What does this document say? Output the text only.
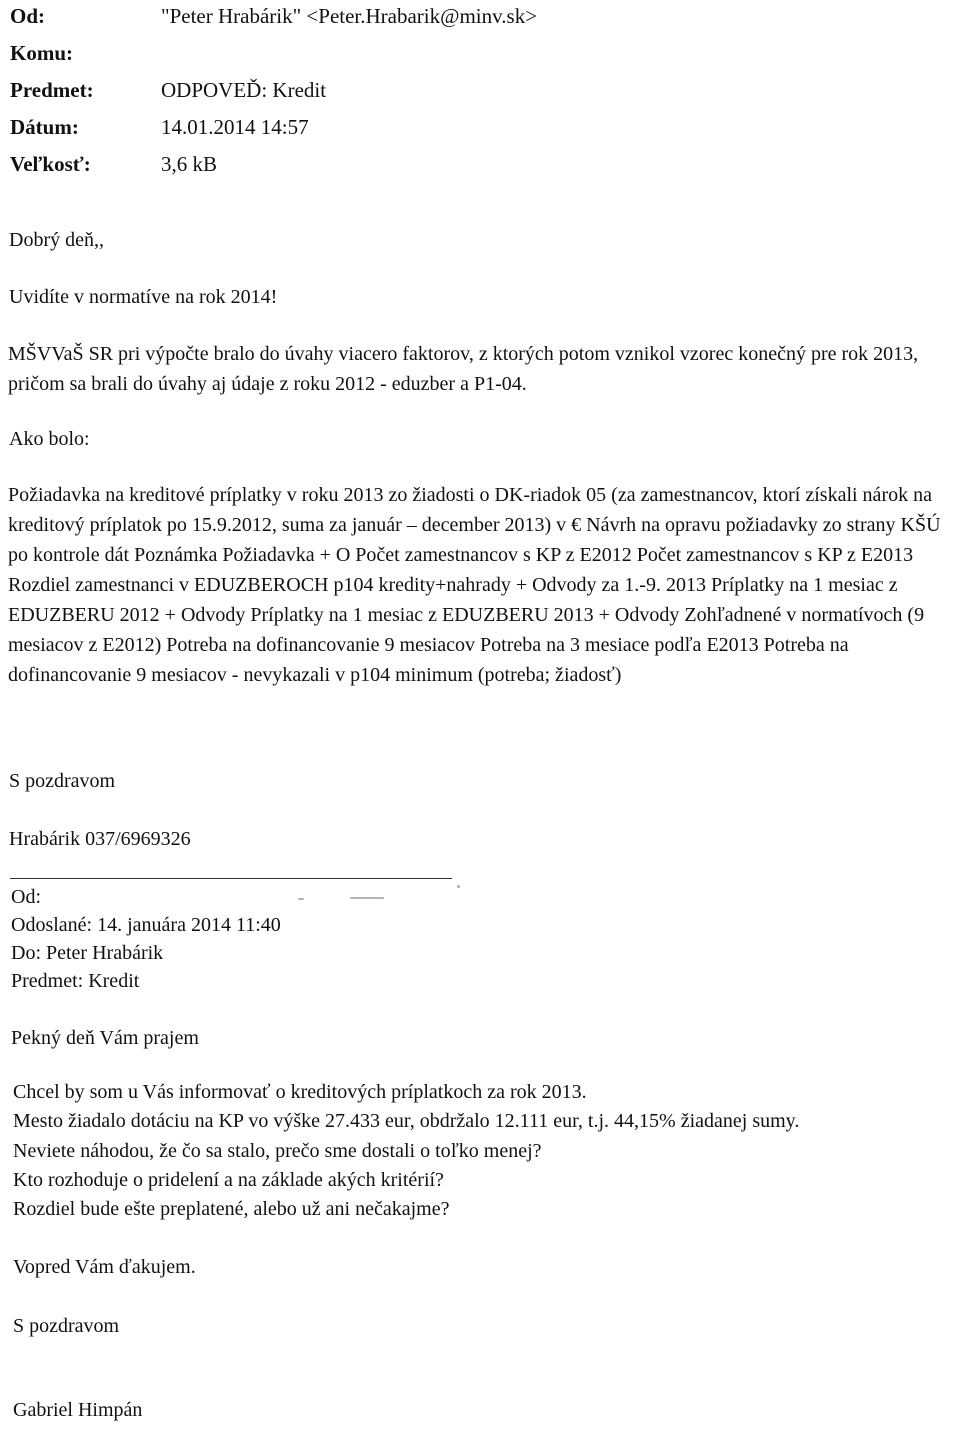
Od:	"Peter Hrabárik" <Peter.Hrabarik@minv.sk>
Komu:
Predmet:	ODPOVEĎ: Kredit
Dátum:	14.01.2014 14:57
Veľkosť:	3,6 kB
Dobrý deň,,
Uvidíte v normatíve na rok 2014!
MŠVVaŠ SR pri výpočte bralo do úvahy viacero faktorov, z ktorých potom vznikol vzorec konečný pre rok 2013, pričom sa brali do úvahy aj údaje z roku 2012 - eduzber a P1-04.
Ako bolo:
Požiadavka na kreditové príplatky v roku 2013 zo žiadosti o DK-riadok 05 (za zamestnancov, ktorí získali nárok na kreditový príplatok po 15.9.2012, suma za január – december 2013) v € Návrh na opravu požiadavky zo strany KŠÚ po kontrole dát Poznámka Požiadavka + O Počet zamestnancov s KP z E2012 Počet zamestnancov s KP z E2013 Rozdiel zamestnanci v EDUZBEROCH p104 kredity+nahrady + Odvody za 1.-9. 2013 Príplatky na 1 mesiac z EDUZBERU 2012 + Odvody Príplatky na 1 mesiac z EDUZBERU 2013 + Odvody Zohľadnené v normatívoch (9 mesiacov z E2012) Potreba na dofinancovanie 9 mesiacov Potreba na 3 mesiace podľa E2013 Potreba na dofinancovanie 9 mesiacov - nevykazali v p104 minimum (potreba; žiadosť)
S pozdravom
Hrabárik 037/6969326
Od:
Odoslané: 14. januára 2014 11:40
Do: Peter Hrabárik
Predmet: Kredit
Pekný deň Vám prajem
Chcel by som u Vás informovať o kreditových príplatkoch za rok 2013.
Mesto žiadalo dotáciu na KP vo výške 27.433 eur, obdržalo 12.111 eur, t.j. 44,15% žiadanej sumy.
Neviete náhodou, že čo sa stalo, prečo sme dostali o toľko menej?
Kto rozhoduje o pridelení a na základe akých kritérií?
Rozdiel bude ešte preplatené, alebo už ani nečakajme?
Vopred Vám ďakujem.
S pozdravom
Gabriel Himpán
